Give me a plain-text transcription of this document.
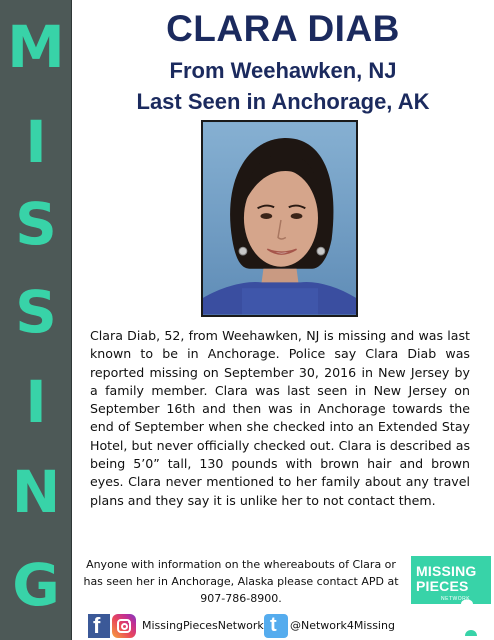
M
I
S
S
I
N
G
CLARA DIAB
From Weehawken, NJ
Last Seen in Anchorage, AK
Clara Diab, 52, from Weehawken, NJ is missing and was last known to be in Anchorage. Police say Clara Diab was reported missing on September 30, 2016 in New Jersey by a family member. Clara was last seen in New Jersey on September 16th and then was in Anchorage towards the end of September when she checked into an Extended Stay Hotel, but never officially checked out. Clara is described as being 5’0” tall, 130 pounds with brown hair and brown eyes. Clara never mentioned to her family about any travel plans and they say it is unlike her to not contact them.
Anyone with information on the whereabouts of Clara or has seen her in Anchorage, Alaska please contact APD at 907-786-8900.
MISSING
PIECES
NETWORK
f	MissingPiecesNetwork t @Network4Missing
